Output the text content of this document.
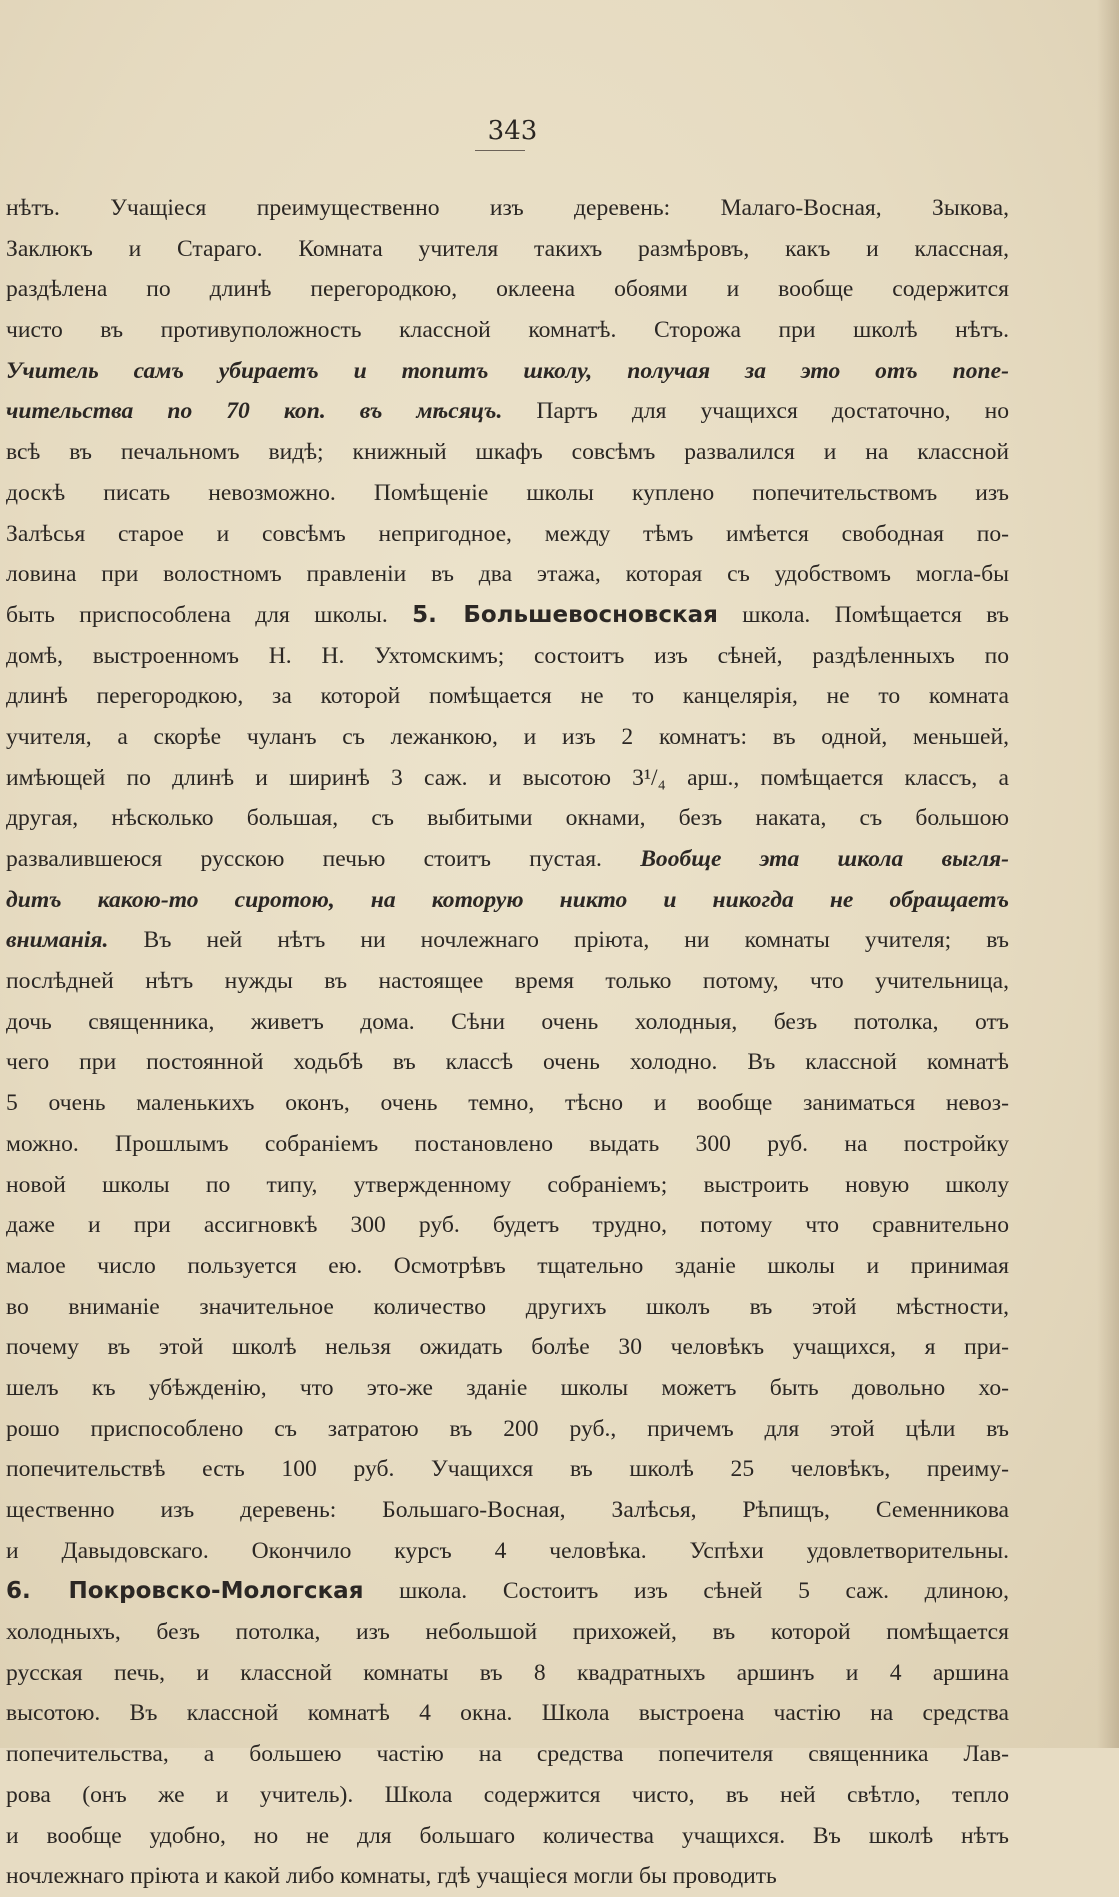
343
нѣтъ. Учащіеся преимущественно изъ деревень: Малаго-Восная, Зыкова,
Заклюкъ и Стараго. Комната учителя такихъ размѣровъ, какъ и классная,
раздѣлена по длинѣ перегородкою, оклеена обоями и вообще содержится
чисто въ противуположность классной комнатѣ. Сторожа при школѣ нѣтъ.
Учитель самъ убираетъ и топитъ школу, получая за это отъ попе-
чительства по 70 коп. въ мѣсяцъ. Партъ для учащихся достаточно, но
всѣ въ печальномъ видѣ; книжный шкафъ совсѣмъ развалился и на классной
доскѣ писать невозможно. Помѣщеніе школы куплено попечительствомъ изъ
Залѣсья старое и совсѣмъ непригодное, между тѣмъ имѣется свободная по-
ловина при волостномъ правленіи въ два этажа, которая съ удобствомъ могла-бы
быть приспособлена для школы. 5. Большевосновская школа. Помѣщается въ
домѣ, выстроенномъ Н. Н. Ухтомскимъ; состоитъ изъ сѣней, раздѣленныхъ по
длинѣ перегородкою, за которой помѣщается не то канцелярія, не то комната
учителя, а скорѣе чуланъ съ лежанкою, и изъ 2 комнатъ: въ одной, меньшей,
имѣющей по длинѣ и ширинѣ 3 саж. и высотою 3¹/₄ арш., помѣщается классъ, а
другая, нѣсколько большая, съ выбитыми окнами, безъ наката, съ большою
развалившеюся русскою печью стоитъ пустая. Вообще эта школа выгля-
дитъ какою-то сиротою, на которую никто и никогда не обращаетъ
вниманія. Въ ней нѣтъ ни ночлежнаго пріюта, ни комнаты учителя; въ
послѣдней нѣтъ нужды въ настоящее время только потому, что учительница,
дочь священника, живетъ дома. Сѣни очень холодныя, безъ потолка, отъ
чего при постоянной ходьбѣ въ классѣ очень холодно. Въ классной комнатѣ
5 очень маленькихъ оконъ, очень темно, тѣсно и вообще заниматься невоз-
можно. Прошлымъ собраніемъ постановлено выдать 300 руб. на постройку
новой школы по типу, утвержденному собраніемъ; выстроить новую школу
даже и при ассигновкѣ 300 руб. будетъ трудно, потому что сравнительно
малое число пользуется ею. Осмотрѣвъ тщательно зданіе школы и принимая
во вниманіе значительное количество другихъ школъ въ этой мѣстности,
почему въ этой школѣ нельзя ожидать болѣе 30 человѣкъ учащихся, я при-
шелъ къ убѣжденію, что это-же зданіе школы можетъ быть довольно хо-
рошо приспособлено съ затратою въ 200 руб., причемъ для этой цѣли въ
попечительствѣ есть 100 руб. Учащихся въ школѣ 25 человѣкъ, преиму-
щественно изъ деревень: Большаго-Восная, Залѣсья, Рѣпищъ, Семенникова
и Давыдовскаго. Окончило курсъ 4 человѣка. Успѣхи удовлетворительны.
6. Покровско-Мологская школа. Состоитъ изъ сѣней 5 саж. длиною,
холодныхъ, безъ потолка, изъ небольшой прихожей, въ которой помѣщается
русская печь, и классной комнаты въ 8 квадратныхъ аршинъ и 4 аршина
высотою. Въ классной комнатѣ 4 окна. Школа выстроена частію на средства
попечительства, а большею частію на средства попечителя священника Лав-
рова (онъ же и учитель). Школа содержится чисто, въ ней свѣтло, тепло
и вообще удобно, но не для большаго количества учащихся. Въ школѣ нѣтъ
ночлежнаго пріюта и какой либо комнаты, гдѣ учащіеся могли бы проводить
